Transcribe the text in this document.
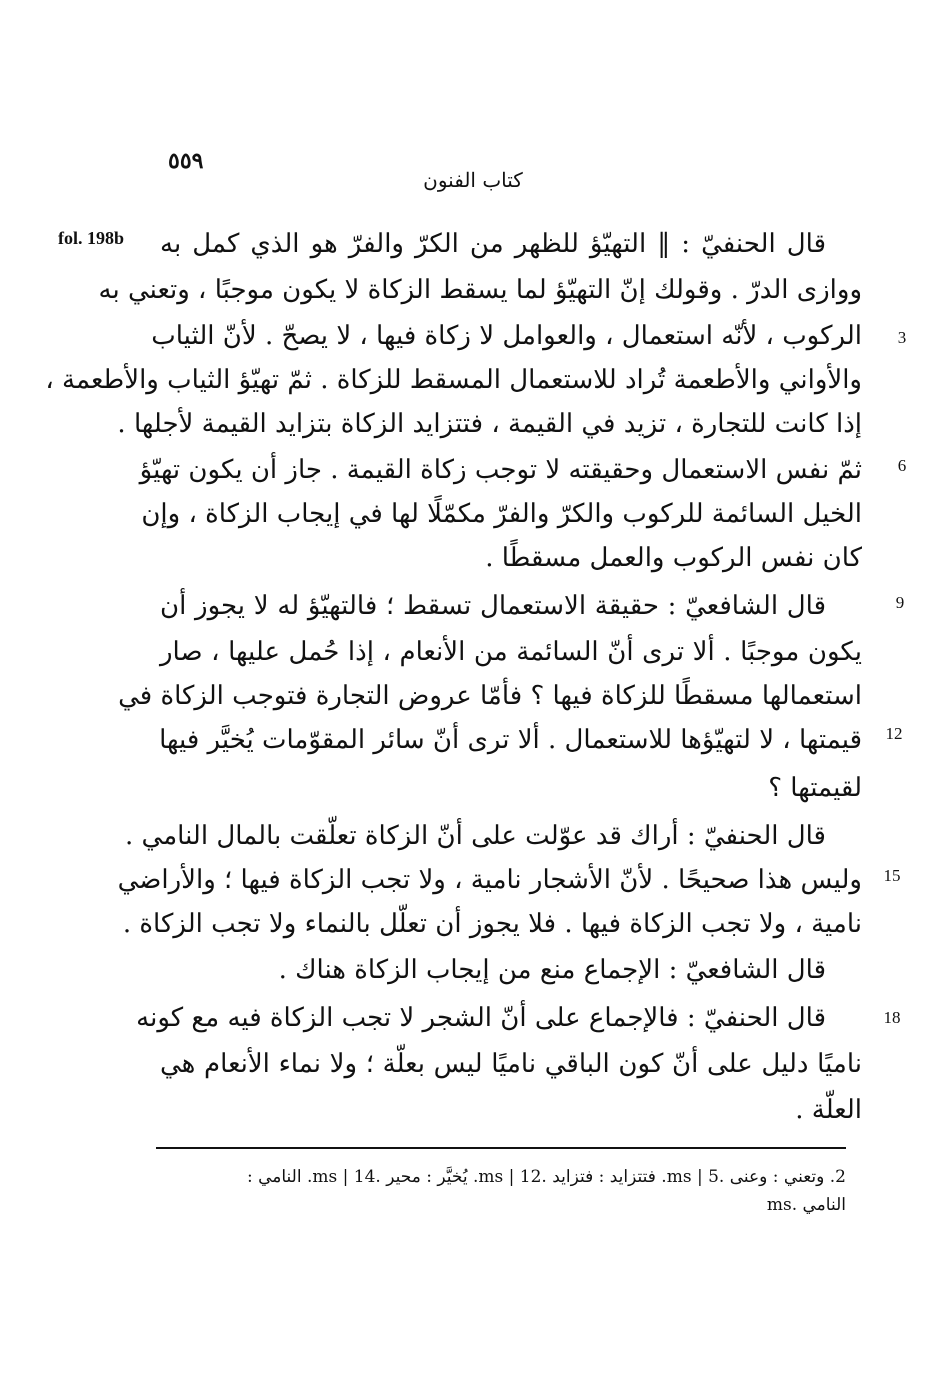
٥٥٩
كتاب الفنون
fol. 198b قال الحنفيّ : ‖ التهيّؤ للظهر من الكرّ والفرّ هو الذي كمل به
ووازى الدرّ . وقولك إنّ التهيّؤ لما يسقط الزكاة لا يكون موجبًا ، وتعني به
الركوب ، لأنّه استعمال ، والعوامل لا زكاة فيها ، لا يصحّ . لأنّ الثياب
والأواني والأطعمة تُراد للاستعمال المسقط للزكاة . ثمّ تهيّؤ الثياب والأطعمة ،
إذا كانت للتجارة ، تزيد في القيمة ، فتتزايد الزكاة بتزايد القيمة لأجلها .
ثمّ نفس الاستعمال وحقيقته لا توجب زكاة القيمة . جاز أن يكون تهيّؤ
الخيل السائمة للركوب والكرّ والفرّ مكمّلًا لها في إيجاب الزكاة ، وإن
كان نفس الركوب والعمل مسقطًا .
قال الشافعيّ : حقيقة الاستعمال تسقط ؛ فالتهيّؤ له لا يجوز أن
يكون موجبًا . ألا ترى أنّ السائمة من الأنعام ، إذا حُمل عليها ، صار
استعمالها مسقطًا للزكاة فيها ؟ فأمّا عروض التجارة فتوجب الزكاة في
قيمتها ، لا لتهيّؤها للاستعمال . ألا ترى أنّ سائر المقوّمات يُخيَّر فيها
لقيمتها ؟
قال الحنفيّ : أراك قد عوّلت على أنّ الزكاة تعلّقت بالمال النامي .
وليس هذا صحيحًا . لأنّ الأشجار نامية ، ولا تجب الزكاة فيها ؛ والأراضي
نامية ، ولا تجب الزكاة فيها . فلا يجوز أن تعلّل بالنماء ولا تجب الزكاة .
قال الشافعيّ : الإجماع منع من إيجاب الزكاة هناك .
قال الحنفيّ : فالإجماع على أنّ الشجر لا تجب الزكاة فيه مع كونه
ناميًا دليل على أنّ كون الباقي ناميًا ليس بعلّة ؛ ولا نماء الأنعام هي
العلّة .
3
6
9
12
15
18
2. وتعني : وعنى .ms | 5. فتتزايد : فتزايد .ms | 12. يُخيَّر : محير .ms | 14. النامي :
النامي .ms
